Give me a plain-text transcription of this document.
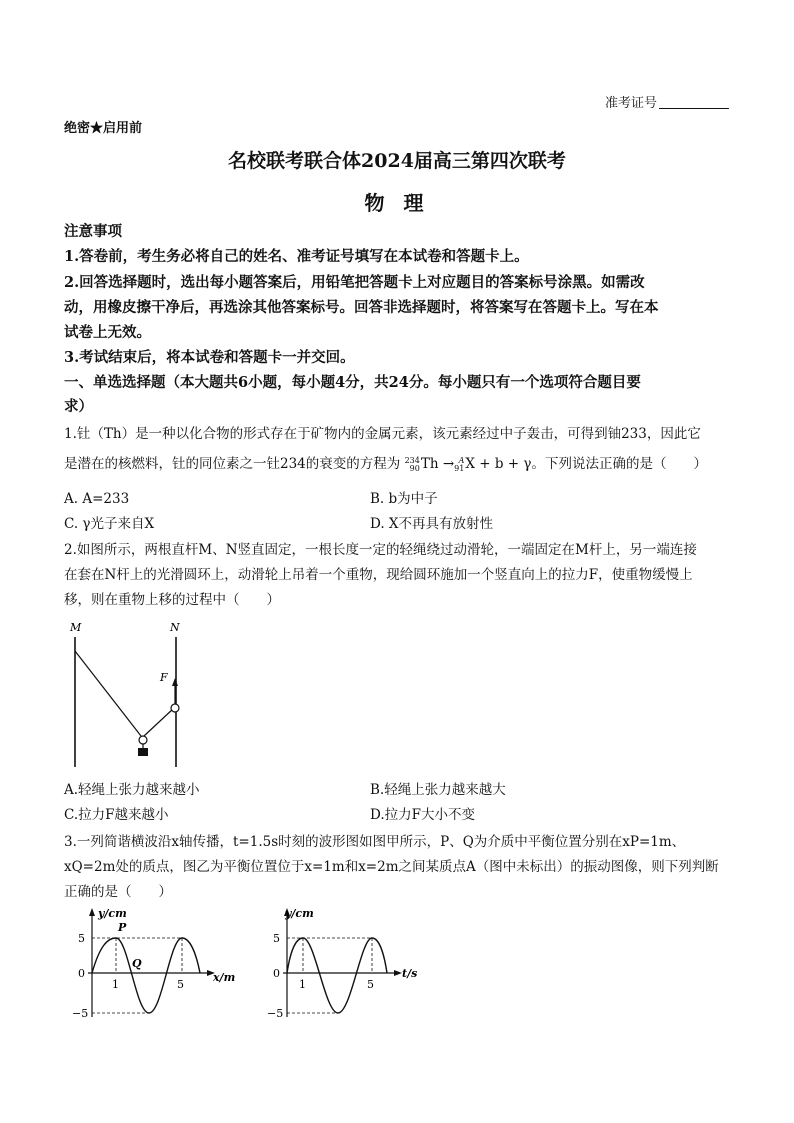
准考证号
绝密★启用前
名校联考联合体2024届高三第四次联考
物 理
注意事项
1.答卷前，考生务必将自己的姓名、准考证号填写在本试卷和答题卡上。
2.回答选择题时，选出每小题答案后，用铅笔把答题卡上对应题目的答案标号涂黑。如需改
动，用橡皮擦干净后，再选涂其他答案标号。回答非选择题时，将答案写在答题卡上。写在本
试卷上无效。
3.考试结束后，将本试卷和答题卡一并交回。
一、单选选择题（本大题共6小题，每小题4分，共24分。每小题只有一个选项符合题目要
求）
1.钍（Th）是一种以化合物的形式存在于矿物内的金属元素，该元素经过中子轰击，可得到铀233，因此它
是潜在的核燃料，钍的同位素之一钍234的衰变的方程为 234
90 Th → A
91 X + b + γ。下列说法正确的是（　　）
A. A=233	B. b为中子
C. γ光子来自X	D. X不再具有放射性
2.如图所示，两根直杆M、N竖直固定，一根长度一定的轻绳绕过动滑轮，一端固定在M杆上，另一端连接
在套在N杆上的光滑圆环上，动滑轮上吊着一个重物，现给圆环施加一个竖直向上的拉力F，使重物缓慢上
移，则在重物上移的过程中（　　）
M	N
F
A.轻绳上张力越来越小	B.轻绳上张力越来越大
C.拉力F越来越小	D.拉力F大小不变
3.一列简谐横波沿x轴传播，t=1.5s时刻的波形图如图甲所示，P、Q为介质中平衡位置分别在xP=1m、
xQ=2m处的质点，图乙为平衡位置位于x=1m和x=2m之间某质点A（图中未标出）的振动图像，则下列判断
正确的是（　　）
y/cm
x/m
5
0
−5
1	5
P
Q
y/cm
t/s
5
0
−5
1	5
